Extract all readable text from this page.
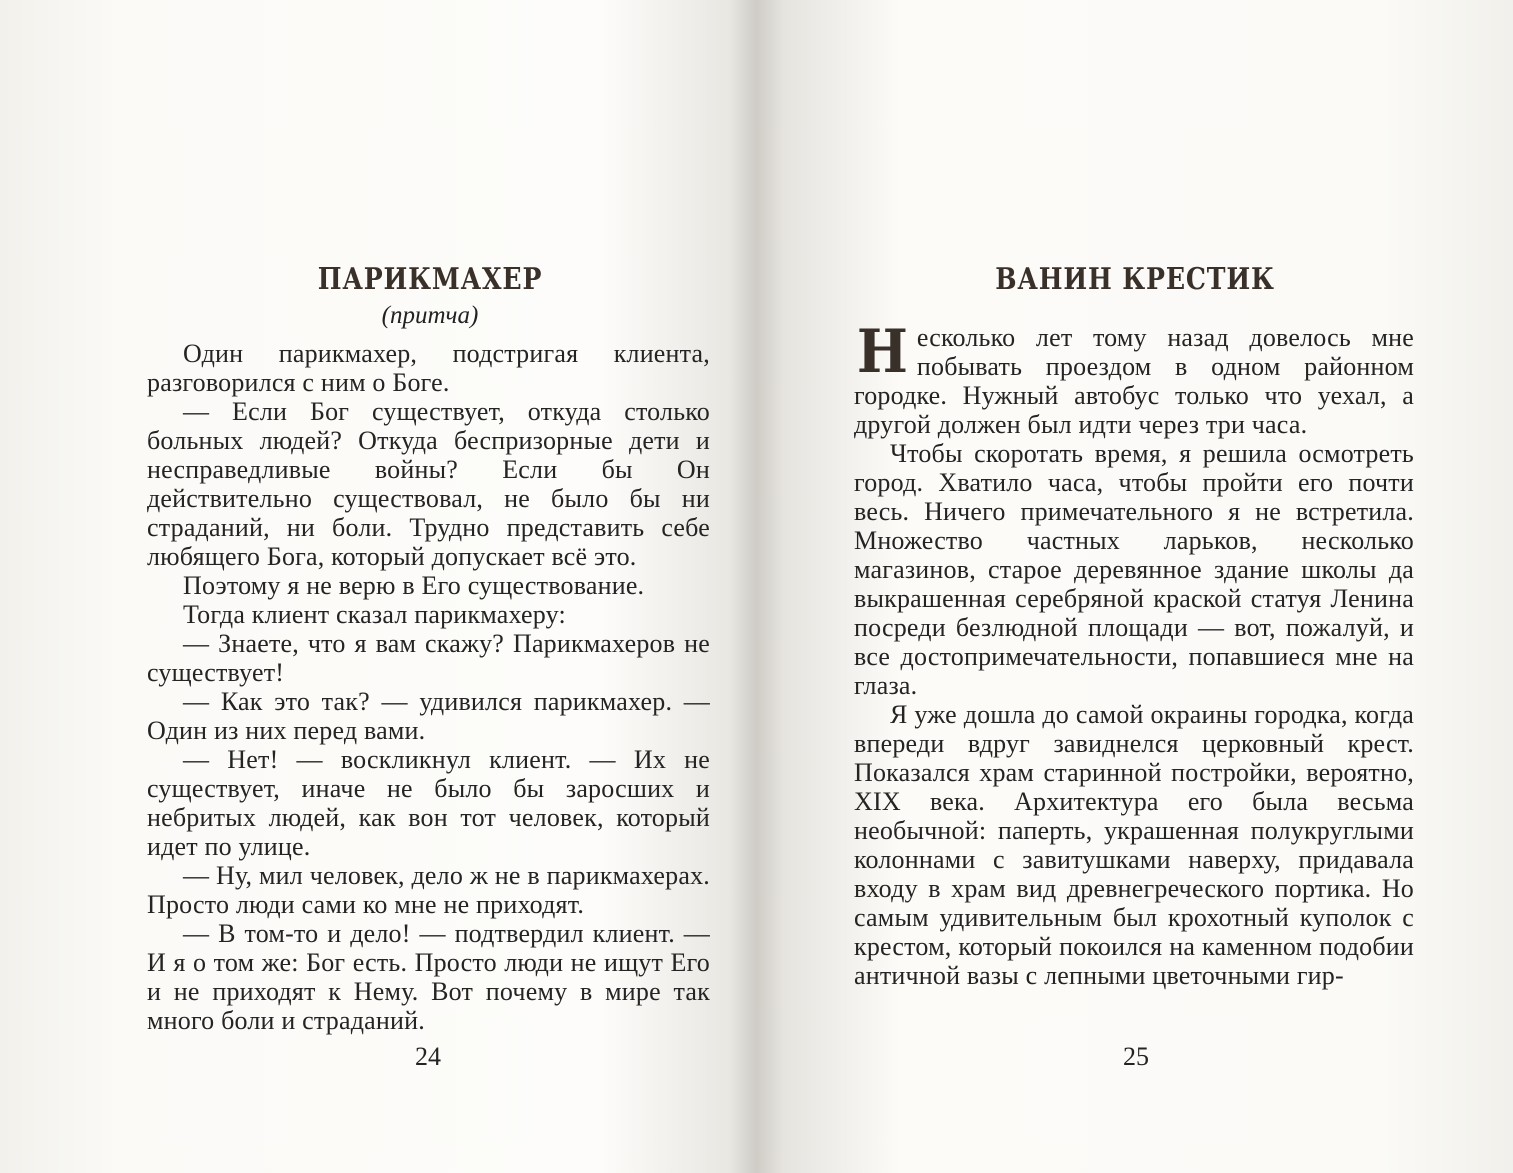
ПАРИКМАХЕР
(притча)

Один парикмахер, подстригая клиента, разговорился с ним о Боге.

— Если Бог существует, откуда столько больных людей? Откуда беспризорные дети и несправедливые войны? Если бы Он действительно существовал, не было бы ни страданий, ни боли. Трудно представить себе любящего Бога, который допускает всё это.

Поэтому я не верю в Его существование.

Тогда клиент сказал парикмахеру:

— Знаете, что я вам скажу? Парикмахеров не существует!

— Как это так? — удивился парикмахер. — Один из них перед вами.

— Нет! — воскликнул клиент. — Их не существует, иначе не было бы заросших и небритых людей, как вон тот человек, который идет по улице.

— Ну, мил человек, дело ж не в парикмахерах. Просто люди сами ко мне не приходят.

— В том-то и дело! — подтвердил клиент. — И я о том же: Бог есть. Просто люди не ищут Его и не приходят к Нему. Вот почему в мире так много боли и страданий.

24
ВАНИН КРЕСТИК

Несколько лет тому назад довелось мне побывать проездом в одном районном городке. Нужный автобус только что уехал, а другой должен был идти через три часа.

Чтобы скоротать время, я решила осмотреть город. Хватило часа, чтобы пройти его почти весь. Ничего примечательного я не встретила. Множество частных ларьков, несколько магазинов, старое деревянное здание школы да выкрашенная серебряной краской статуя Ленина посреди безлюдной площади — вот, пожалуй, и все достопримечательности, попавшиеся мне на глаза.

Я уже дошла до самой окраины городка, когда впереди вдруг завиднелся церковный крест. Показался храм старинной постройки, вероятно, XIX века. Архитектура его была весьма необычной: паперть, украшенная полукруглыми колоннами с завитушками наверху, придавала входу в храм вид древнегреческого портика. Но самым удивительным был крохотный куполок с крестом, который покоился на каменном подобии античной вазы с лепными цветочными гир-

25
